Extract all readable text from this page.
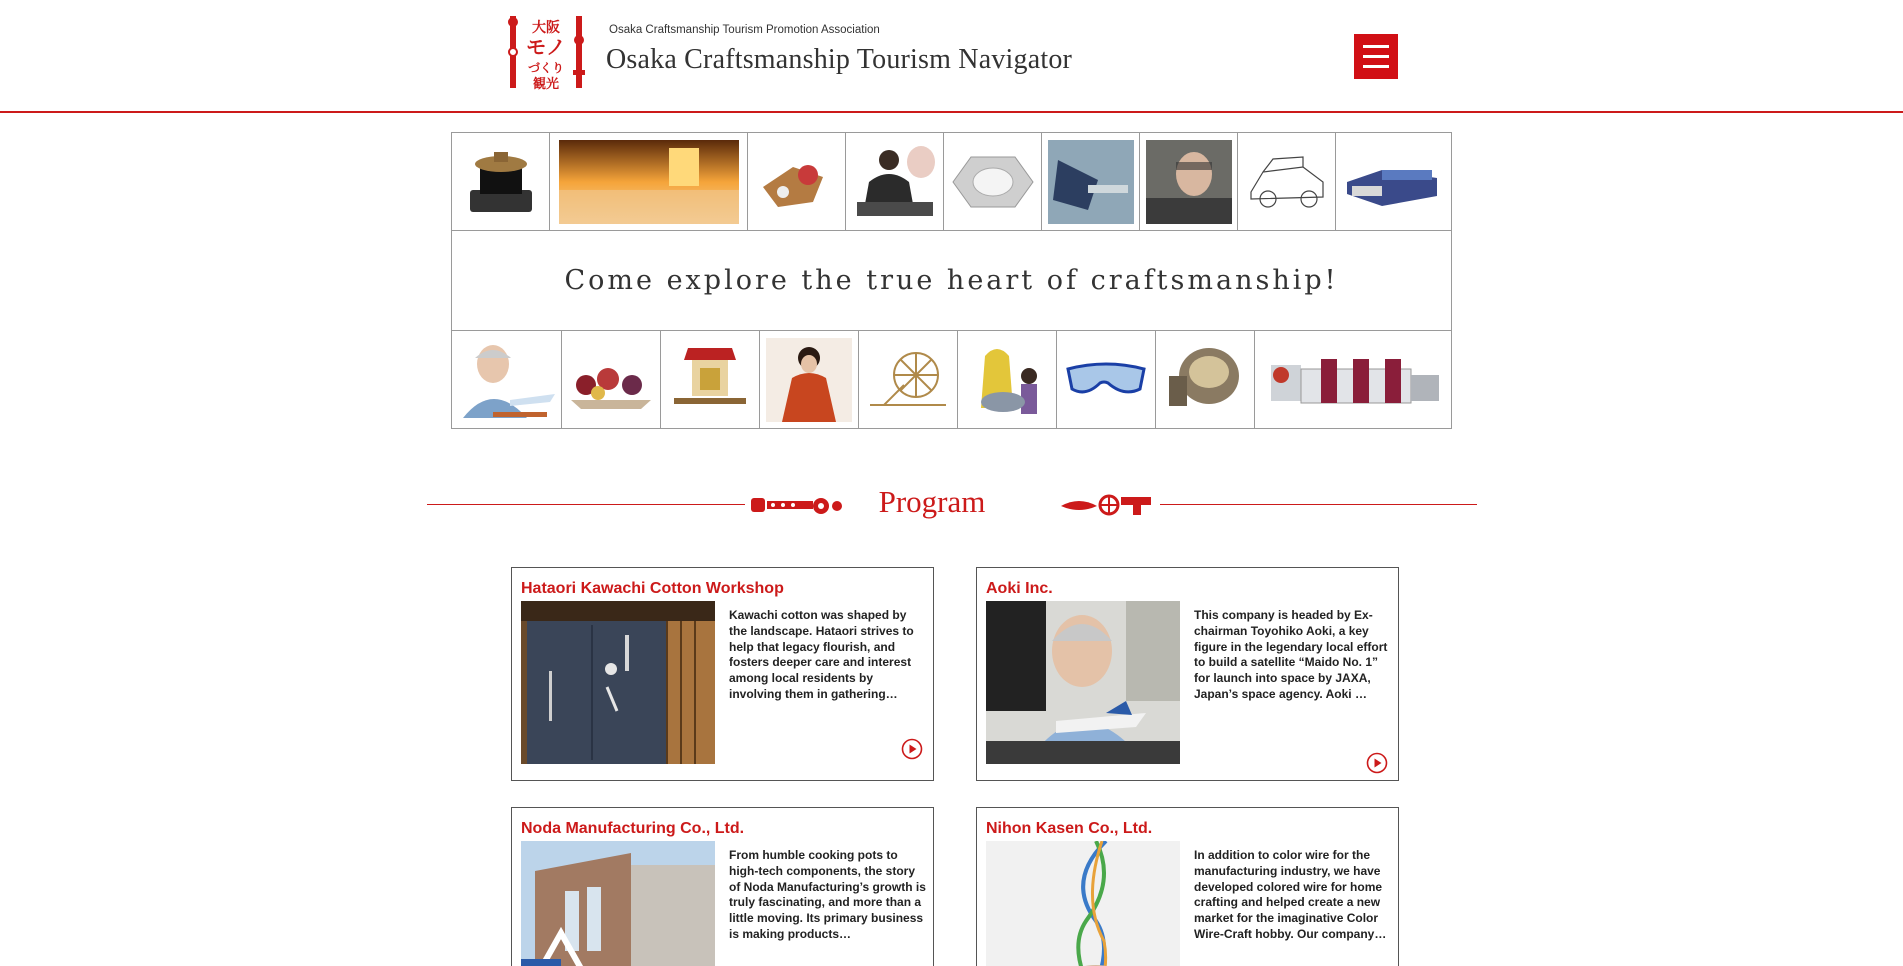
大阪
モノ
づくり
観光
Osaka Craftsmanship Tourism Promotion Association
Osaka Craftsmanship Tourism Navigator
Come explore the true heart of craftsmanship!
Program
Hataori Kawachi Cotton Workshop
Kawachi cotton was shaped by the landscape. Hataori strives to help that legacy flourish, and fosters deeper care and interest among local residents by involving them in gathering…
Aoki Inc.
This company is headed by Ex-chairman Toyohiko Aoki, a key figure in the legendary local effort to build a satellite “Maido No. 1” for launch into space by JAXA, Japan’s space agency. Aoki …
Noda Manufacturing Co., Ltd.
From humble cooking pots to high-tech components, the story of Noda Manufacturing’s growth is truly fascinating, and more than a little moving. Its primary business is making products…
Nihon Kasen Co., Ltd.
In addition to color wire for the manufacturing industry, we have developed colored wire for home crafting and helped create a new market for the imaginative Color Wire-Craft hobby. Our company…
